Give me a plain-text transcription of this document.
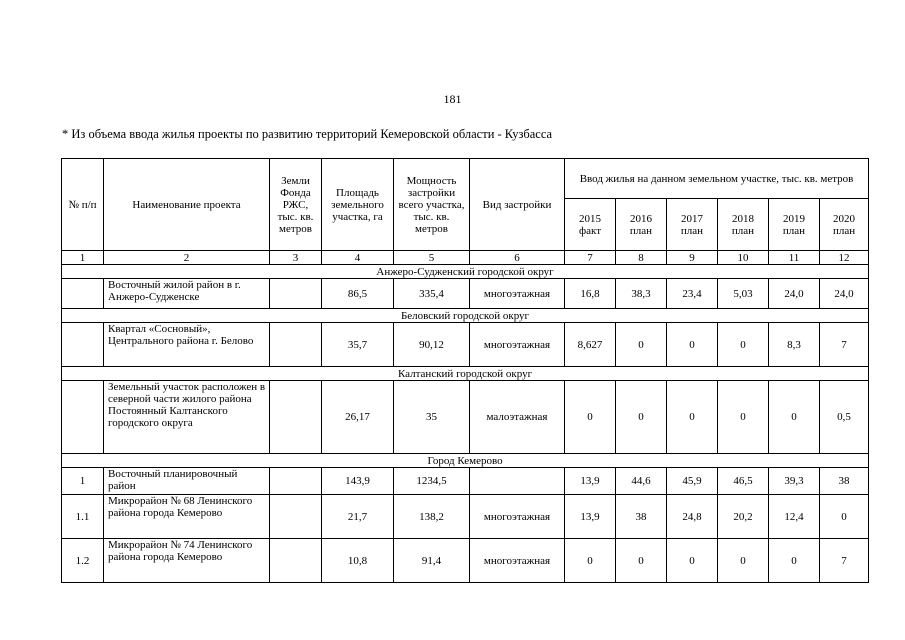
181
* Из объема ввода жилья проекты по развитию территорий Кемеровской области - Кузбасса
№ п/п	Наименование проекта	Земли Фонда РЖС, тыс. кв. метров	Площадь земельного участка, га	Мощность застройки всего участка, тыс. кв. метров	Вид застройки	Ввод жилья на данном земельном участке, тыс. кв. метров					
						2015 факт	2016 план	2017 план	2018 план	2019 план	2020 план
1	2	3	4	5	6	7	8	9	10	11	12
Анжеро-Судженский городской округ											
	Восточный жилой район в г. Анжеро-Судженске		86,5	335,4	многоэтажная	16,8	38,3	23,4	5,03	24,0	24,0
Беловский городской округ											
	Квартал «Сосновый», Центрального района г. Белово		35,7	90,12	многоэтажная	8,627	0	0	0	8,3	7
Калтанский городской округ											
	Земельный участок расположен в северной части жилого района Постоянный Калтанского городского округа		26,17	35	малоэтажная	0	0	0	0	0	0,5
Город Кемерово											
1	Восточный планировочный район		143,9	1234,5		13,9	44,6	45,9	46,5	39,3	38
1.1	Микрорайон № 68 Ленинского района города Кемерово		21,7	138,2	многоэтажная	13,9	38	24,8	20,2	12,4	0
1.2	Микрорайон № 74 Ленинского района города Кемерово		10,8	91,4	многоэтажная	0	0	0	0	0	7
